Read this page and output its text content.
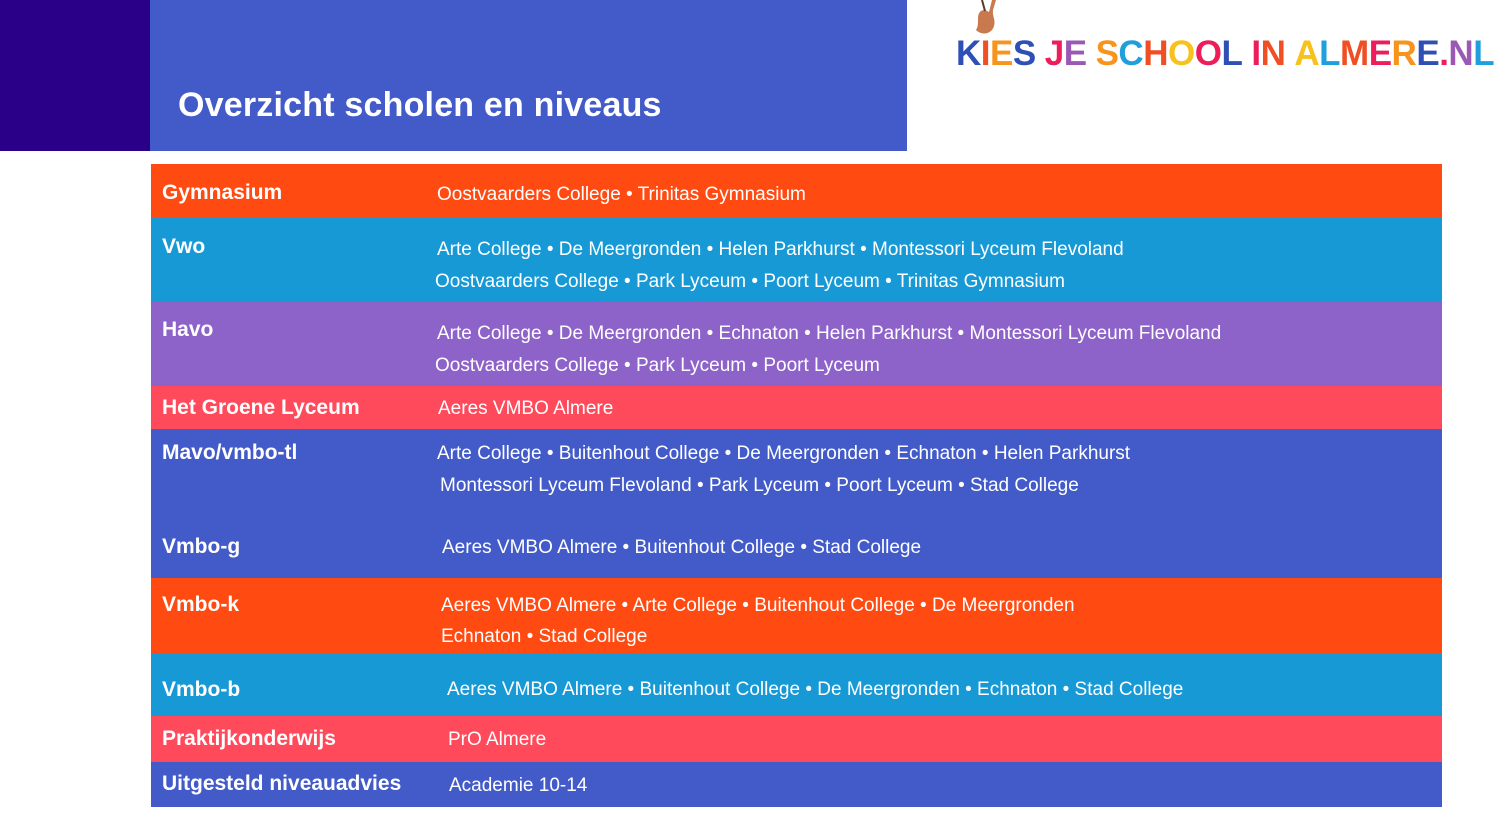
Overzicht scholen en niveaus
KIES JE SCHOOL IN ALMERE.NL
Gymnasium	Oostvaarders College • Trinitas Gymnasium
Vwo	Arte College • De Meergronden • Helen Parkhurst • Montessori Lyceum Flevoland
Oostvaarders College • Park Lyceum • Poort Lyceum • Trinitas Gymnasium
Havo	Arte College • De Meergronden • Echnaton • Helen Parkhurst • Montessori Lyceum Flevoland
Oostvaarders College • Park Lyceum • Poort Lyceum
Het Groene Lyceum	Aeres VMBO Almere
Mavo/vmbo-tl	Arte College • Buitenhout College • De Meergronden • Echnaton • Helen Parkhurst
Montessori Lyceum Flevoland • Park Lyceum • Poort Lyceum • Stad College
Vmbo-g	Aeres VMBO Almere • Buitenhout College • Stad College
Vmbo-k	Aeres VMBO Almere • Arte College • Buitenhout College • De Meergronden
Echnaton • Stad College
Vmbo-b	Aeres VMBO Almere • Buitenhout College • De Meergronden • Echnaton • Stad College
Praktijkonderwijs	PrO Almere
Uitgesteld niveauadvies	Academie 10-14
